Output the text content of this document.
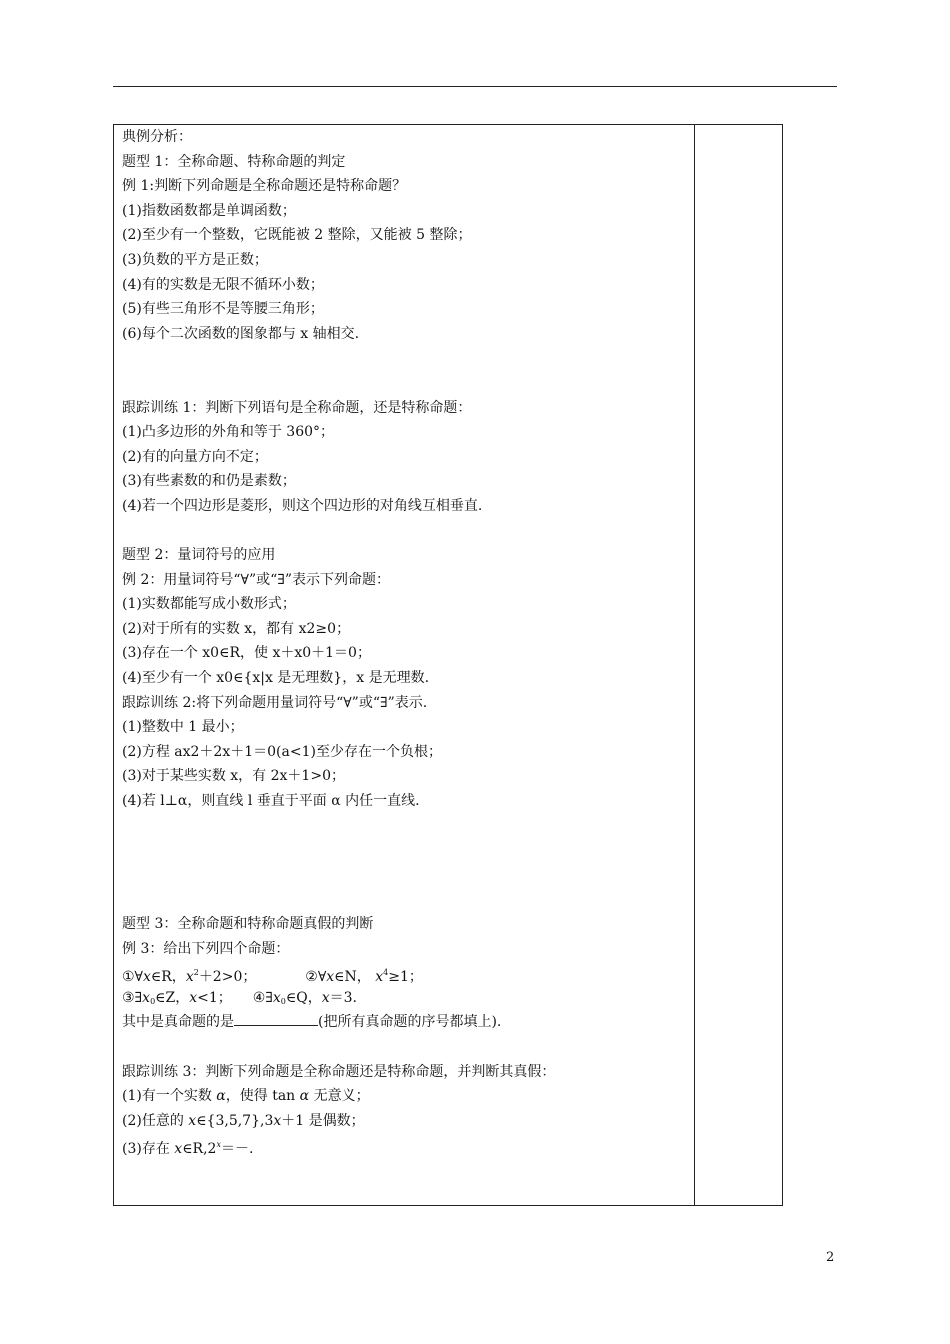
典例分析：
题型 1：全称命题、特称命题的判定
例 1:判断下列命题是全称命题还是特称命题？
(1)指数函数都是单调函数；
(2)至少有一个整数，它既能被 2 整除，又能被 5 整除；
(3)负数的平方是正数；
(4)有的实数是无限不循环小数；
(5)有些三角形不是等腰三角形；
(6)每个二次函数的图象都与 x 轴相交.
跟踪训练 1：判断下列语句是全称命题，还是特称命题：
(1)凸多边形的外角和等于 360°；
(2)有的向量方向不定；
(3)有些素数的和仍是素数；
(4)若一个四边形是菱形，则这个四边形的对角线互相垂直.
题型 2：量词符号的应用
例 2：用量词符号“∀”或“∃”表示下列命题：
(1)实数都能写成小数形式；
(2)对于所有的实数 x，都有 x2≥0；
(3)存在一个 x0∈R，使 x＋x0＋1＝0；
(4)至少有一个 x0∈{x|x 是无理数}，x 是无理数.
跟踪训练 2:将下列命题用量词符号“∀”或“∃”表示.
(1)整数中 1 最小；
(2)方程 ax2＋2x＋1＝0(a<1)至少存在一个负根；
(3)对于某些实数 x，有 2x＋1>0；
(4)若 l⊥α，则直线 l 垂直于平面 α 内任一直线.
题型 3：全称命题和特称命题真假的判断
例 3：给出下列四个命题：
①∀x∈R，$x^2+2>0$；	②∀x∈N， $x^4\ge 1$；
$③\exists x_0\in Z$，x<1； $④\exists x_0\in Q$，x＝3.
其中是真命题的是	(把所有真命题的序号都填上).
跟踪训练 3：判断下列命题是全称命题还是特称命题，并判断其真假：
(1)有一个实数 α，使得 tan α 无意义；
(2)任意的 x∈{3,5,7},3x＋1 是偶数；
(3)存在 $x\in R,2^x=-$.
2
